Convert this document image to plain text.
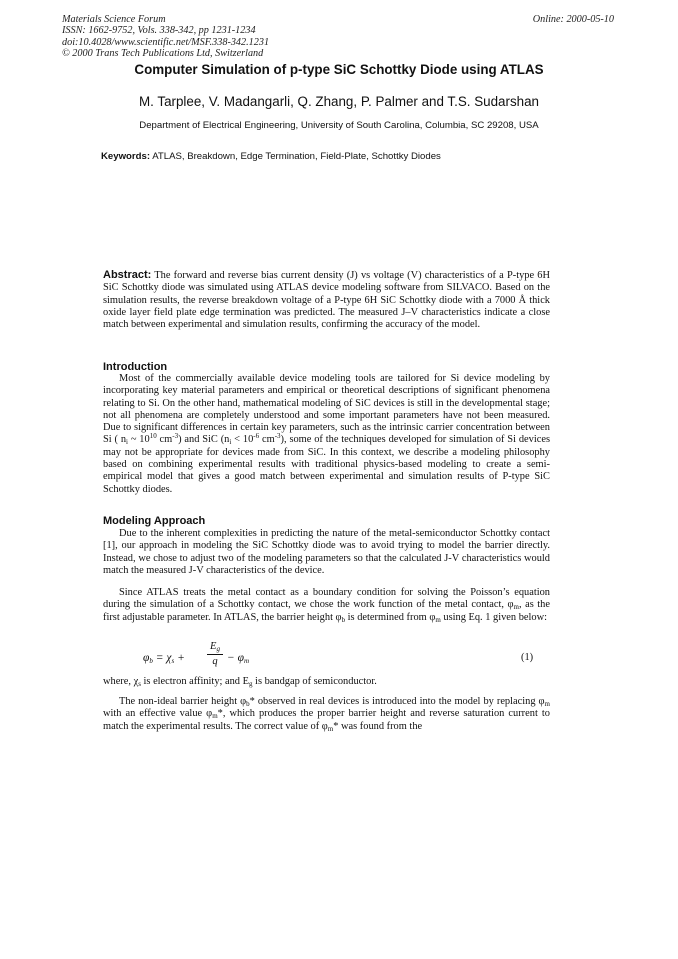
Materials Science Forum
ISSN: 1662-9752, Vols. 338-342, pp 1231-1234
doi:10.4028/www.scientific.net/MSF.338-342.1231
© 2000 Trans Tech Publications Ltd, Switzerland
Online: 2000-05-10
Computer Simulation of p-type SiC Schottky Diode using ATLAS
M. Tarplee, V. Madangarli, Q. Zhang, P. Palmer and T.S. Sudarshan
Department of Electrical Engineering, University of South Carolina, Columbia, SC 29208, USA
Keywords: ATLAS, Breakdown, Edge Termination, Field-Plate, Schottky Diodes
Abstract: The forward and reverse bias current density (J) vs voltage (V) characteristics of a P-type 6H SiC Schottky diode was simulated using ATLAS device modeling software from SILVACO. Based on the simulation results, the reverse breakdown voltage of a P-type 6H SiC Schottky diode with a 7000 Å thick oxide layer field plate edge termination was predicted. The measured J–V characteristics indicate a close match between experimental and simulation results, confirming the accuracy of the model.
Introduction
Most of the commercially available device modeling tools are tailored for Si device modeling by incorporating key material parameters and empirical or theoretical descriptions of significant phenomena relating to Si. On the other hand, mathematical modeling of SiC devices is still in the developmental stage; not all phenomena are completely understood and some important parameters have not been measured. Due to significant differences in certain key parameters, such as the intrinsic carrier concentration between Si ( $n_i$ ~ $10^{10}$ $cm^{-3}$) and SiC ($n_i < 10^{-6}$ $cm^{-3}$), some of the techniques developed for simulation of Si devices may not be appropriate for devices made from SiC. In this context, we describe a modeling philosophy based on combining experimental results with traditional physics-based modeling to create a semi-empirical model that gives a good match between experimental and simulation results of P-type SiC Schottky diodes.
Modeling Approach
Due to the inherent complexities in predicting the nature of the metal-semiconductor Schottky contact [1], our approach in modeling the SiC Schottky diode was to avoid trying to model the barrier directly. Instead, we chose to adjust two of the modeling parameters so that the calculated J-V characteristics would match the measured J-V characteristics of the device.
Since ATLAS treats the metal contact as a boundary condition for solving the Poisson’s equation during the simulation of a Schottky contact, we chose the work function of the metal contact, $\varphi_m$, as the first adjustable parameter. In ATLAS, the barrier height $\varphi_b$ is determined from $\varphi_m$ using Eq. 1 given below:
$\varphi_b = \chi_s$ +
$E_g$
$q - \varphi_m$	(1)
where, $\chi_s$ is electron affinity; and $E_g$ is bandgap of semiconductor.
The non-ideal barrier height $\varphi_b*$ observed in real devices is introduced into the model by replacing $\varphi_m$ with an effective value $\varphi_m*$, which produces the proper barrier height and reverse saturation current to match the experimental results. The correct value of $\varphi_m*$ was found from the
